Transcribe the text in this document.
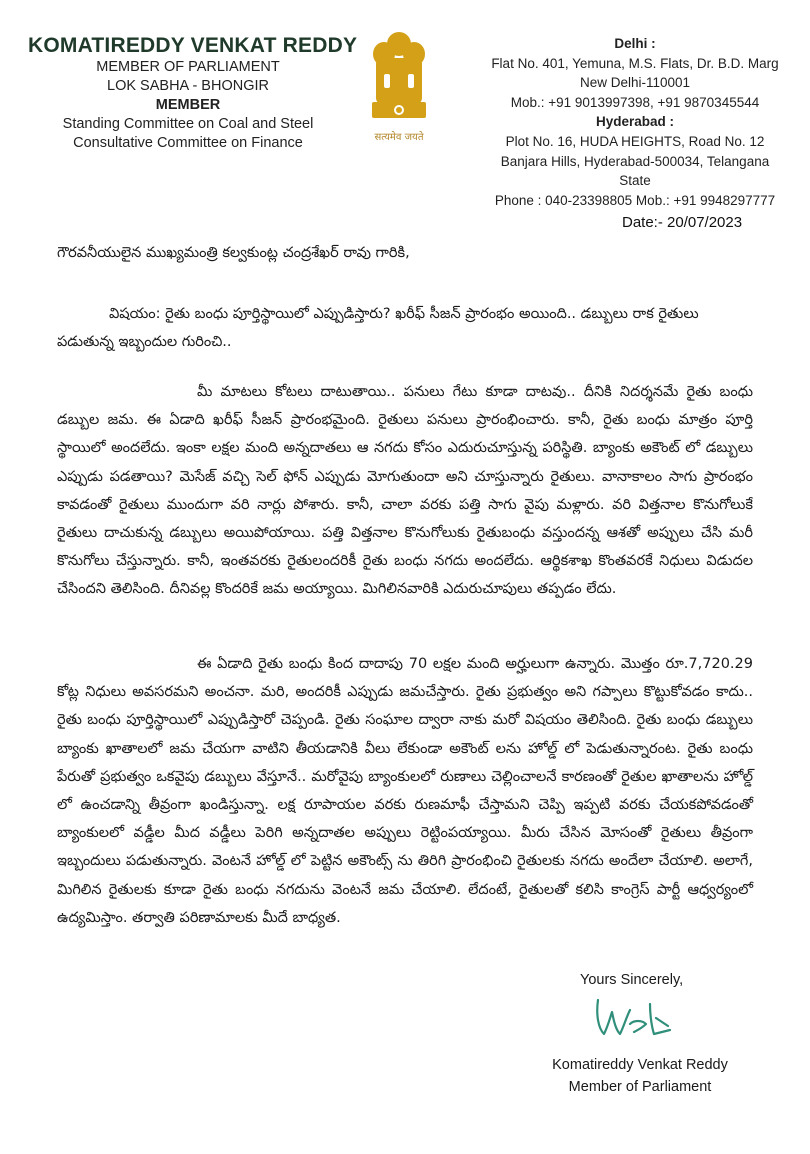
KOMATIREDDY VENKAT REDDY
MEMBER OF PARLIAMENT
LOK SABHA - BHONGIR
MEMBER
Standing Committee on Coal and Steel
Consultative Committee on Finance	सत्यमेव जयते
Delhi :
Flat No. 401, Yemuna, M.S. Flats, Dr. B.D. Marg
New Delhi-110001
Mob.: +91 9013997398, +91 9870345544
Hyderabad :
Plot No. 16, HUDA HEIGHTS, Road No. 12
Banjara Hills, Hyderabad-500034, Telangana State
Phone : 040-23398805 Mob.: +91 9948297777
Date:- 20/07/2023
గౌరవనీయులైన ముఖ్యమంత్రి కల్వకుంట్ల చంద్రశేఖర్ రావు గారికి,
విషయం: రైతు బంధు పూర్తిస్థాయిలో ఎప్పుడిస్తారు? ఖరీఫ్ సీజన్ ప్రారంభం అయింది.. డబ్బులు రాక రైతులు పడుతున్న ఇబ్బందుల గురించి..
మీ మాటలు కోటలు దాటుతాయి.. పనులు గేటు కూడా దాటవు.. దీనికి నిదర్శనమే రైతు బంధు డబ్బుల జమ. ఈ ఏడాది ఖరీఫ్ సీజన్ ప్రారంభమైంది. రైతులు పనులు ప్రారంభించారు. కానీ, రైతు బంధు మాత్రం పూర్తి స్థాయిలో అందలేదు. ఇంకా లక్షల మంది అన్నదాతలు ఆ నగదు కోసం ఎదురుచూస్తున్న పరిస్థితి. బ్యాంకు అకౌంట్ లో డబ్బులు ఎప్పుడు పడతాయి? మెసేజ్ వచ్చి సెల్ ఫోన్ ఎప్పుడు మోగుతుందా అని చూస్తున్నారు రైతులు. వానాకాలం సాగు ప్రారంభం కావడంతో రైతులు ముందుగా వరి నార్లు పోశారు. కానీ, చాలా వరకు పత్తి సాగు వైపు మళ్లారు. వరి విత్తనాల కొనుగోలుకే రైతులు దాచుకున్న డబ్బులు అయిపోయాయి. పత్తి విత్తనాల కొనుగోలుకు రైతుబంధు వస్తుందన్న ఆశతో అప్పులు చేసి మరీ కొనుగోలు చేస్తున్నారు. కానీ, ఇంతవరకు రైతులందరికీ రైతు బంధు నగదు అందలేదు. ఆర్థికశాఖ కొంతవరకే నిధులు విడుదల చేసిందని తెలిసింది. దీనివల్ల కొందరికే జమ అయ్యాయి. మిగిలినవారికి ఎదురుచూపులు తప్పడం లేదు.
ఈ ఏడాది రైతు బంధు కింద దాదాపు 70 లక్షల మంది అర్హులుగా ఉన్నారు. మొత్తం రూ.7,720.29 కోట్ల నిధులు అవసరమని అంచనా. మరి, అందరికీ ఎప్పుడు జమచేస్తారు. రైతు ప్రభుత్వం అని గప్పాలు కొట్టుకోవడం కాదు.. రైతు బంధు పూర్తిస్థాయిలో ఎప్పుడిస్తారో చెప్పండి. రైతు సంఘాల ద్వారా నాకు మరో విషయం తెలిసింది. రైతు బంధు డబ్బులు బ్యాంకు ఖాతాలలో జమ చేయగా వాటిని తీయడానికి వీలు లేకుండా అకౌంట్ లను హోల్డ్ లో పెడుతున్నారంట. రైతు బంధు పేరుతో ప్రభుత్వం ఒకవైపు డబ్బులు వేస్తూనే.. మరోవైపు బ్యాంకులలో రుణాలు చెల్లించాలనే కారణంతో రైతుల ఖాతాలను హోల్డ్ లో ఉంచడాన్ని తీవ్రంగా ఖండిస్తున్నా. లక్ష రూపాయల వరకు రుణమాఫీ చేస్తామని చెప్పి ఇప్పటి వరకు చేయకపోవడంతో బ్యాంకులలో వడ్డీల మీద వడ్డీలు పెరిగి అన్నదాతల అప్పులు రెట్టింపయ్యాయి. మీరు చేసిన మోసంతో రైతులు తీవ్రంగా ఇబ్బందులు పడుతున్నారు. వెంటనే హోల్డ్ లో పెట్టిన అకౌంట్స్ ను తిరిగి ప్రారంభించి రైతులకు నగదు అందేలా చేయాలి. అలాగే, మిగిలిన రైతులకు కూడా రైతు బంధు నగదును వెంటనే జమ చేయాలి. లేదంటే, రైతులతో కలిసి కాంగ్రెస్ పార్టీ ఆధ్వర్యంలో ఉద్యమిస్తాం. తర్వాతి పరిణామాలకు మీదే బాధ్యత.
Yours Sincerely,
Komatireddy Venkat Reddy
Member of Parliament
